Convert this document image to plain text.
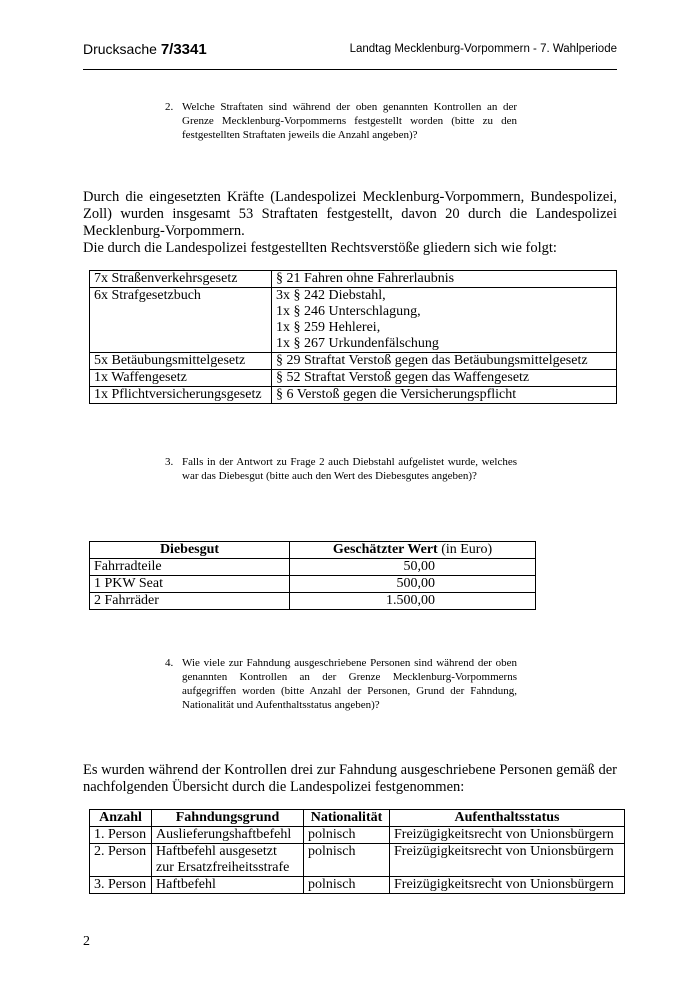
Drucksache 7/3341	Landtag Mecklenburg-Vorpommern - 7. Wahlperiode
2. Welche Straftaten sind während der oben genannten Kontrollen an der Grenze Mecklenburg-Vorpommerns festgestellt worden (bitte zu den festgestellten Straftaten jeweils die Anzahl angeben)?
Durch die eingesetzten Kräfte (Landespolizei Mecklenburg-Vorpommern, Bundespolizei, Zoll) wurden insgesamt 53 Straftaten festgestellt, davon 20 durch die Landespolizei Mecklenburg-Vorpommern.
Die durch die Landespolizei festgestellten Rechtsverstöße gliedern sich wie folgt:
7x Straßenverkehrsgesetz	§ 21 Fahren ohne Fahrerlaubnis

6x Strafgesetzbuch	3x § 242 Diebstahl,
1x § 246 Unterschlagung,
1x § 259 Hehlerei,
1x § 267 Urkundenfälschung

5x Betäubungsmittelgesetz	§ 29 Straftat Verstoß gegen das Betäubungsmittelgesetz

1x Waffengesetz	§ 52 Straftat Verstoß gegen das Waffengesetz

1x Pflichtversicherungsgesetz	§ 6 Verstoß gegen die Versicherungspflicht
3. Falls in der Antwort zu Frage 2 auch Diebstahl aufgelistet wurde, welches war das Diebesgut (bitte auch den Wert des Diebesgutes angeben)?
Diebesgut	Geschätzter Wert (in Euro)
Fahrradteile	50,00
1 PKW Seat	500,00
2 Fahrräder	1.500,00
4. Wie viele zur Fahndung ausgeschriebene Personen sind während der oben genannten Kontrollen an der Grenze Mecklenburg-Vorpommerns aufgegriffen worden (bitte Anzahl der Personen, Grund der Fahndung, Nationalität und Aufenthaltsstatus angeben)?
Es wurden während der Kontrollen drei zur Fahndung ausgeschriebene Personen gemäß der nachfolgenden Übersicht durch die Landespolizei festgenommen:
Anzahl	Fahndungsgrund	Nationalität	Aufenthaltsstatus
1. Person	Auslieferungshaftbefehl	polnisch	Freizügigkeitsrecht von Unionsbürgern
2. Person	Haftbefehl ausgesetzt
zur Ersatzfreiheitsstrafe	polnisch	Freizügigkeitsrecht von Unionsbürgern
3. Person	Haftbefehl	polnisch	Freizügigkeitsrecht von Unionsbürgern
2
